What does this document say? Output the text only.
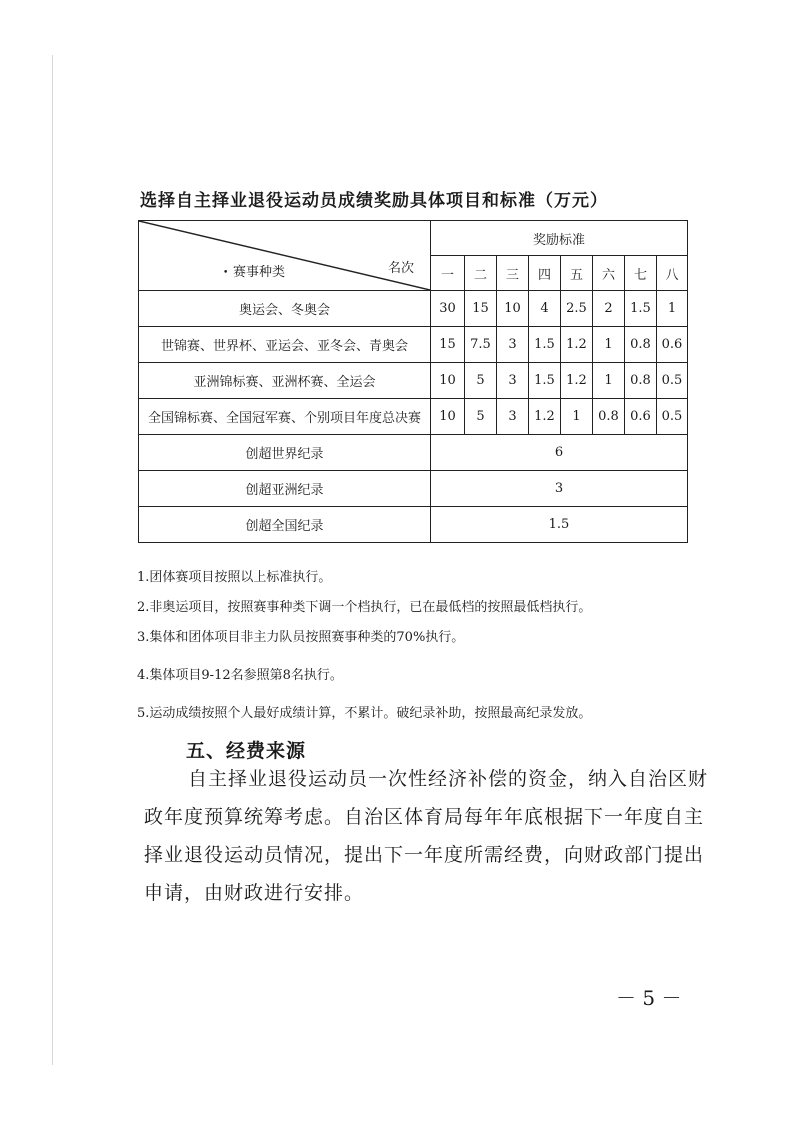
选择自主择业退役运动员成绩奖励具体项目和标准（万元）
名次
• 赛事种类	奖励标准							
	一	二	三	四	五	六	七	八
奥运会、冬奥会	30	15	10	4	2.5	2	1.5	1
世锦赛、世界杯、亚运会、亚冬会、青奥会	15	7.5	3	1.5	1.2	1	0.8	0.6
亚洲锦标赛、亚洲杯赛、全运会	10	5	3	1.5	1.2	1	0.8	0.5
全国锦标赛、全国冠军赛、个别项目年度总决赛	10	5	3	1.2	1	0.8	0.6	0.5
创超世界纪录	6							
创超亚洲纪录	3							
创超全国纪录	1.5							
1.团体赛项目按照以上标准执行。
2.非奥运项目，按照赛事种类下调一个档执行，已在最低档的按照最低档执行。
3.集体和团体项目非主力队员按照赛事种类的70%执行。
4.集体项目9-12名参照第8名执行。
5.运动成绩按照个人最好成绩计算，不累计。破纪录补助，按照最高纪录发放。
五、经费来源
自主择业退役运动员一次性经济补偿的资金，纳入自治区财
政年度预算统筹考虑。自治区体育局每年年底根据下一年度自主
择业退役运动员情况，提出下一年度所需经费，向财政部门提出
申请，由财政进行安排。
－ 5 －
